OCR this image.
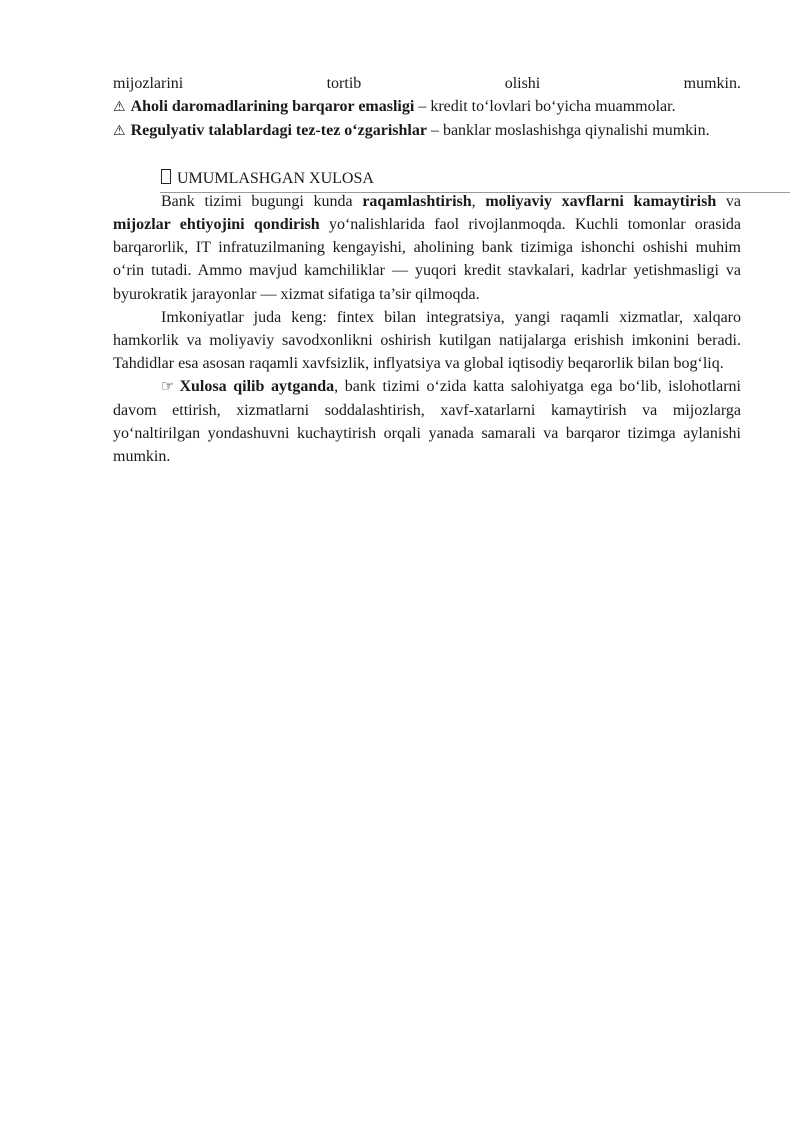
mijozlarini tortib olishi mumkin.

⚠ Aholi daromadlarining barqaror emasligi – kredit to‘lovlari bo‘yicha muammolar.

⚠ Regulyativ talablardagi tez-tez o‘zgarishlar – banklar moslashishga qiynalishi mumkin.

UMUMLASHGAN XULOSA

Bank tizimi bugungi kunda raqamlashtirish, moliyaviy xavflarni kamaytirish va mijozlar ehtiyojini qondirish yo‘nalishlarida faol rivojlanmoqda. Kuchli tomonlar orasida barqarorlik, IT infratuzilmaning kengayishi, aholining bank tizimiga ishonchi oshishi muhim o‘rin tutadi. Ammo mavjud kamchiliklar — yuqori kredit stavkalari, kadrlar yetishmasligi va byurokratik jarayonlar — xizmat sifatiga ta’sir qilmoqda.

Imkoniyatlar juda keng: fintex bilan integratsiya, yangi raqamli xizmatlar, xalqaro hamkorlik va moliyaviy savodxonlikni oshirish kutilgan natijalarga erishish imkonini beradi. Tahdidlar esa asosan raqamli xavfsizlik, inflyatsiya va global iqtisodiy beqarorlik bilan bog‘liq.

☞ Xulosa qilib aytganda, bank tizimi o‘zida katta salohiyatga ega bo‘lib, islohotlarni davom ettirish, xizmatlarni soddalashtirish, xavf-xatarlarni kamaytirish va mijozlarga yo‘naltirilgan yondashuvni kuchaytirish orqali yanada samarali va barqaror tizimga aylanishi mumkin.
